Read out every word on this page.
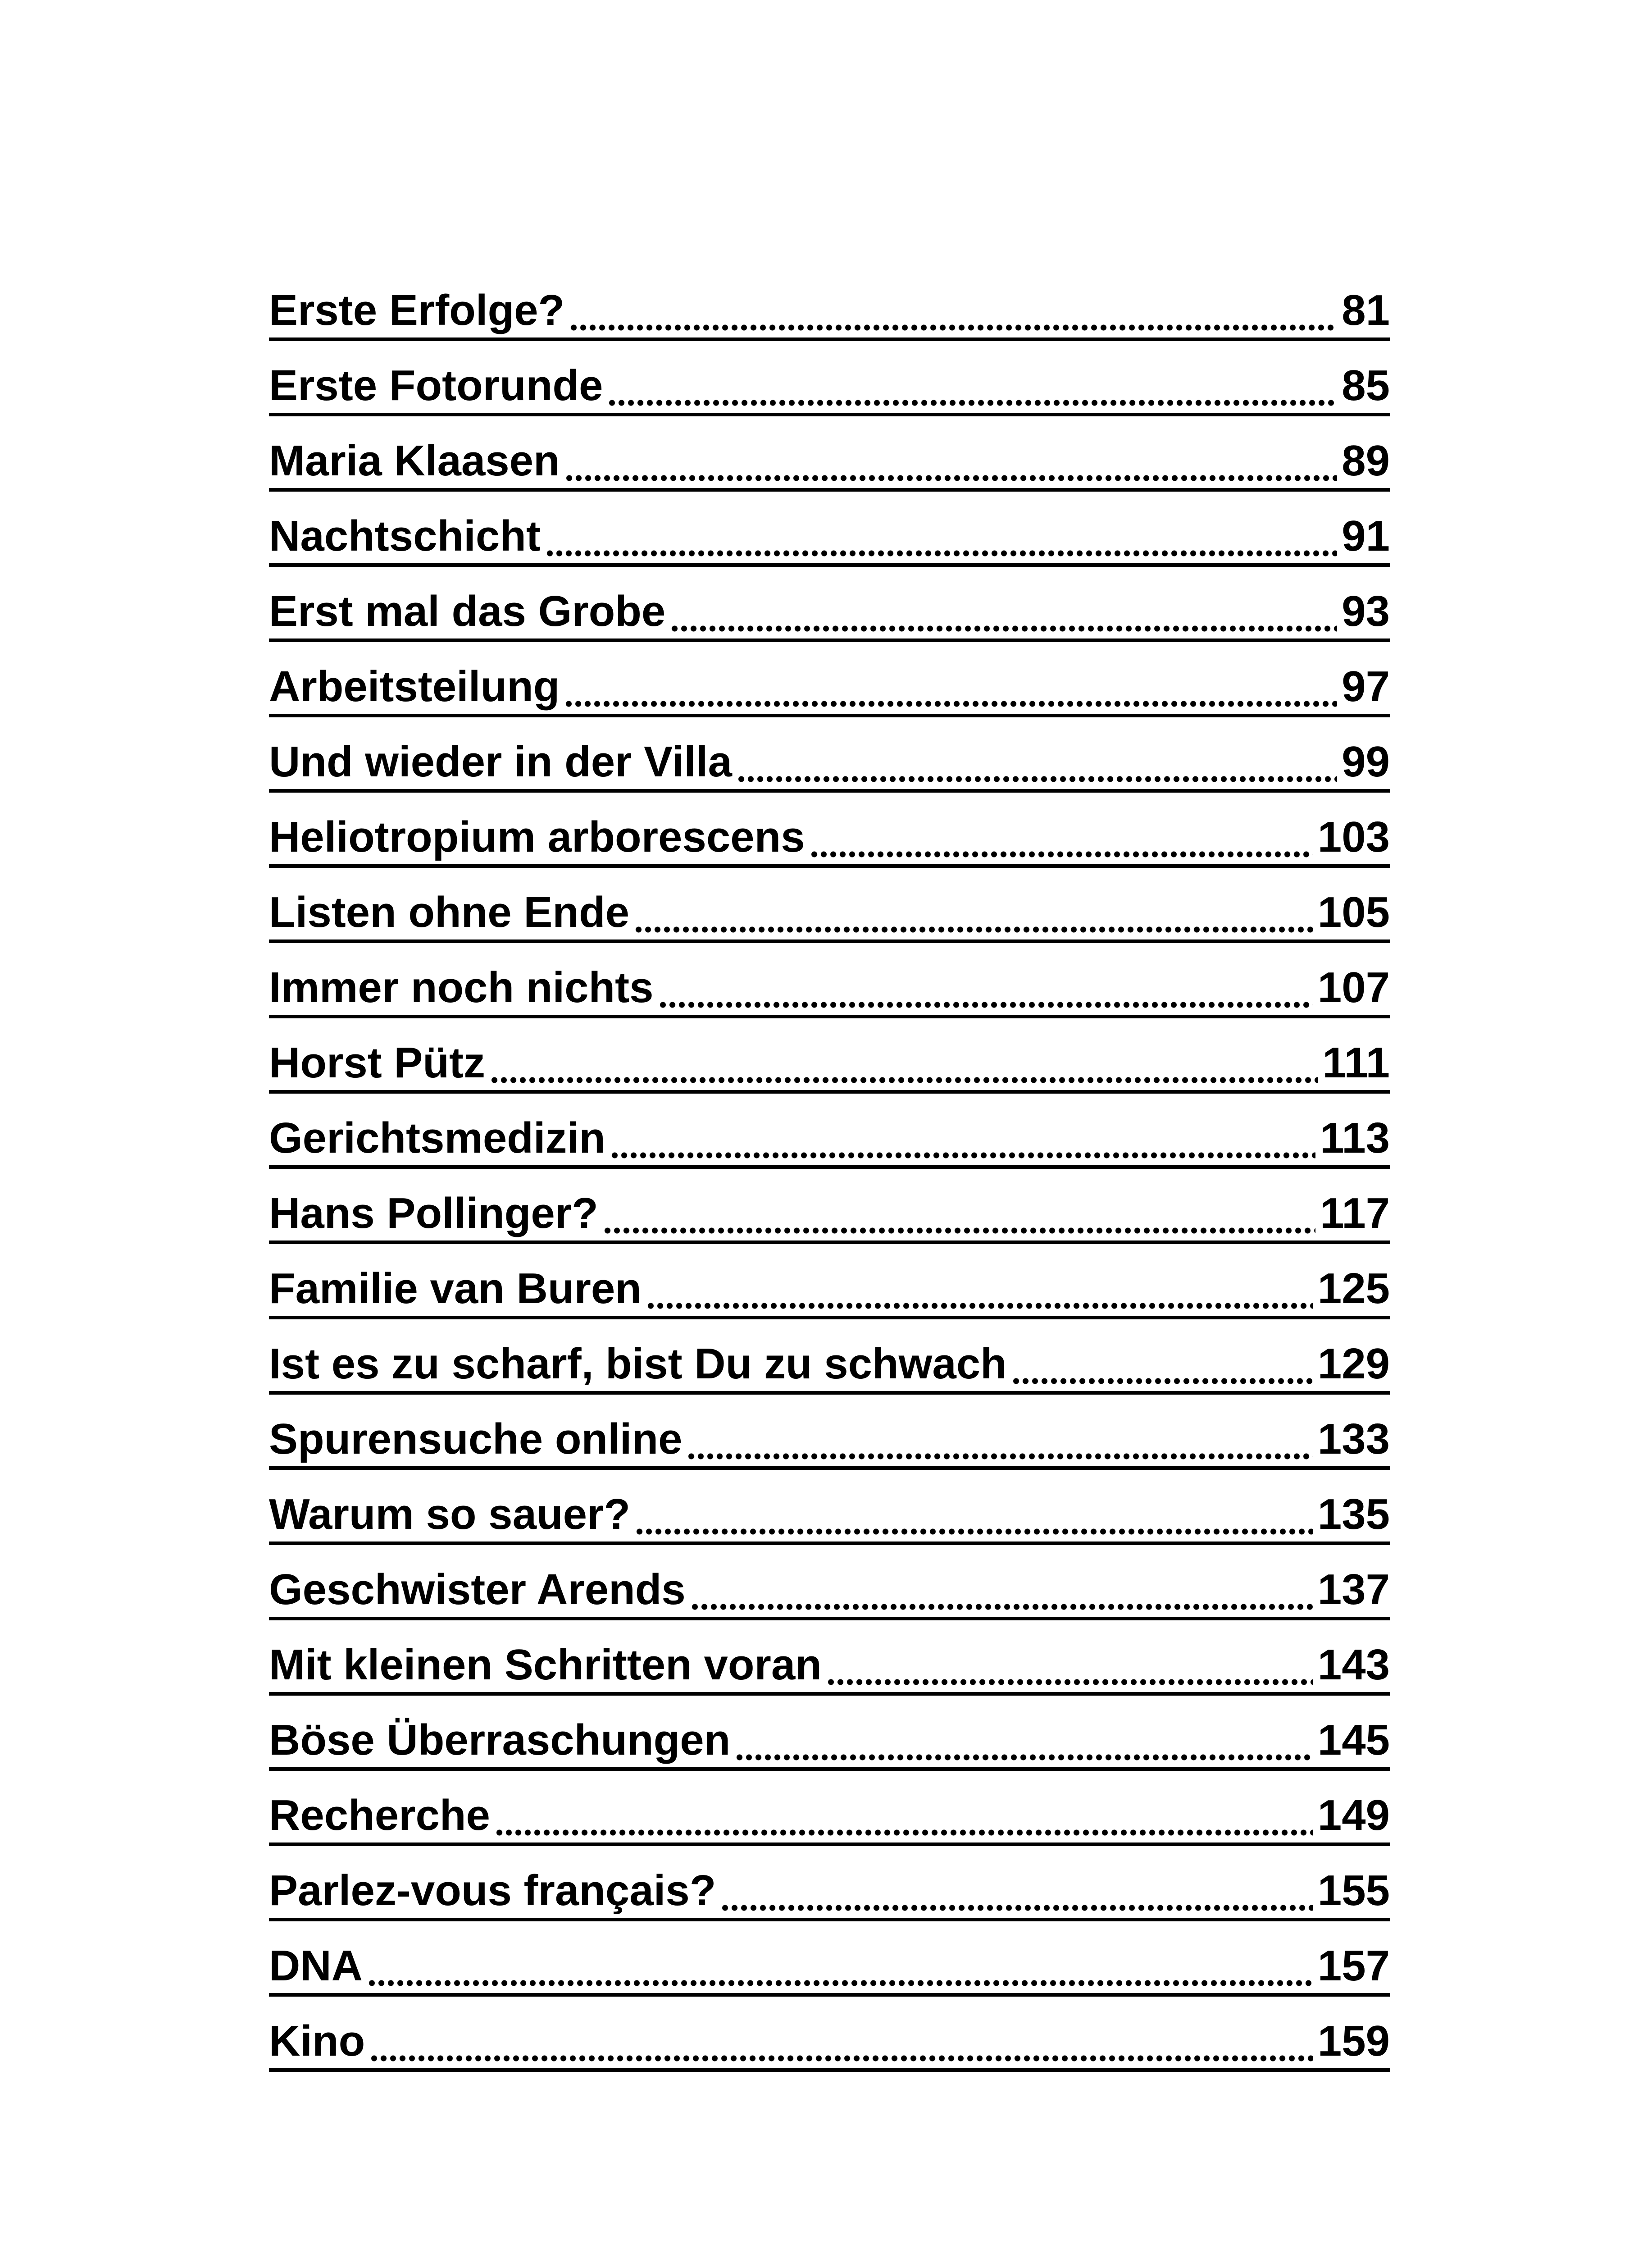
Erste Erfolge?	81
Erste Fotorunde	85
Maria Klaasen	89
Nachtschicht	91
Erst mal das Grobe	93
Arbeitsteilung	97
Und wieder in der Villa	99
Heliotropium arborescens	103
Listen ohne Ende	105
Immer noch nichts	107
Horst Pütz	111
Gerichtsmedizin	113
Hans Pollinger?	117
Familie van Buren	125
Ist es zu scharf, bist Du zu schwach	129
Spurensuche online	133
Warum so sauer?	135
Geschwister Arends	137
Mit kleinen Schritten voran	143
Böse Überraschungen	145
Recherche	149
Parlez-vous français?	155
DNA	157
Kino	159
